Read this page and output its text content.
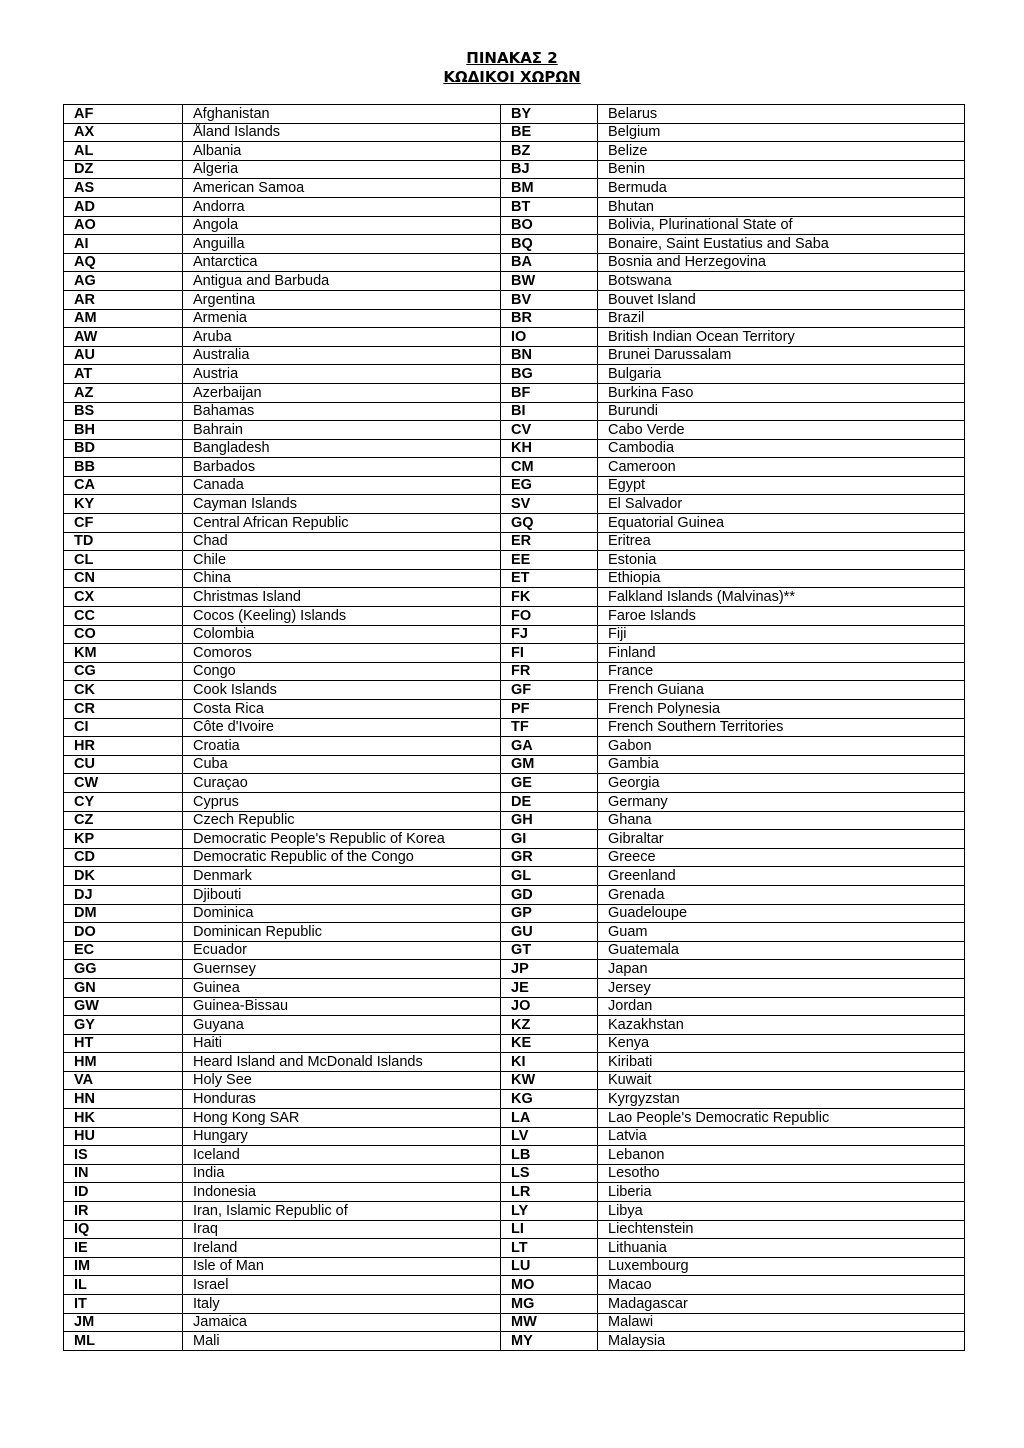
ΠΙΝΑΚΑΣ 2
ΚΩΔΙΚΟΙ ΧΩΡΩΝ
AF	Afghanistan	BY	Belarus
AX	Åland Islands	BE	Belgium
AL	Albania	BZ	Belize
DZ	Algeria	BJ	Benin
AS	American Samoa	BM	Bermuda
AD	Andorra	BT	Bhutan
AO	Angola	BO	Bolivia, Plurinational State of
AI	Anguilla	BQ	Bonaire, Saint Eustatius and Saba
AQ	Antarctica	BA	Bosnia and Herzegovina
AG	Antigua and Barbuda	BW	Botswana
AR	Argentina	BV	Bouvet Island
AM	Armenia	BR	Brazil
AW	Aruba	IO	British Indian Ocean Territory
AU	Australia	BN	Brunei Darussalam
AT	Austria	BG	Bulgaria
AZ	Azerbaijan	BF	Burkina Faso
BS	Bahamas	BI	Burundi
BH	Bahrain	CV	Cabo Verde
BD	Bangladesh	KH	Cambodia
BB	Barbados	CM	Cameroon
CA	Canada	EG	Egypt
KY	Cayman Islands	SV	El Salvador
CF	Central African Republic	GQ	Equatorial Guinea
TD	Chad	ER	Eritrea
CL	Chile	EE	Estonia
CN	China	ET	Ethiopia
CX	Christmas Island	FK	Falkland Islands (Malvinas)**
CC	Cocos (Keeling) Islands	FO	Faroe Islands
CO	Colombia	FJ	Fiji
KM	Comoros	FI	Finland
CG	Congo	FR	France
CK	Cook Islands	GF	French Guiana
CR	Costa Rica	PF	French Polynesia
CI	Côte d'Ivoire	TF	French Southern Territories
HR	Croatia	GA	Gabon
CU	Cuba	GM	Gambia
CW	Curaçao	GE	Georgia
CY	Cyprus	DE	Germany
CZ	Czech Republic	GH	Ghana
KP	Democratic People's Republic of Korea	GI	Gibraltar
CD	Democratic Republic of the Congo	GR	Greece
DK	Denmark	GL	Greenland
DJ	Djibouti	GD	Grenada
DM	Dominica	GP	Guadeloupe
DO	Dominican Republic	GU	Guam
EC	Ecuador	GT	Guatemala
GG	Guernsey	JP	Japan
GN	Guinea	JE	Jersey
GW	Guinea-Bissau	JO	Jordan
GY	Guyana	KZ	Kazakhstan
HT	Haiti	KE	Kenya
HM	Heard Island and McDonald Islands	KI	Kiribati
VA	Holy See	KW	Kuwait
HN	Honduras	KG	Kyrgyzstan
HK	Hong Kong SAR	LA	Lao People's Democratic Republic
HU	Hungary	LV	Latvia
IS	Iceland	LB	Lebanon
IN	India	LS	Lesotho
ID	Indonesia	LR	Liberia
IR	Iran, Islamic Republic of	LY	Libya
IQ	Iraq	LI	Liechtenstein
IE	Ireland	LT	Lithuania
IM	Isle of Man	LU	Luxembourg
IL	Israel	MO	Macao
IT	Italy	MG	Madagascar
JM	Jamaica	MW	Malawi
ML	Mali	MY	Malaysia
